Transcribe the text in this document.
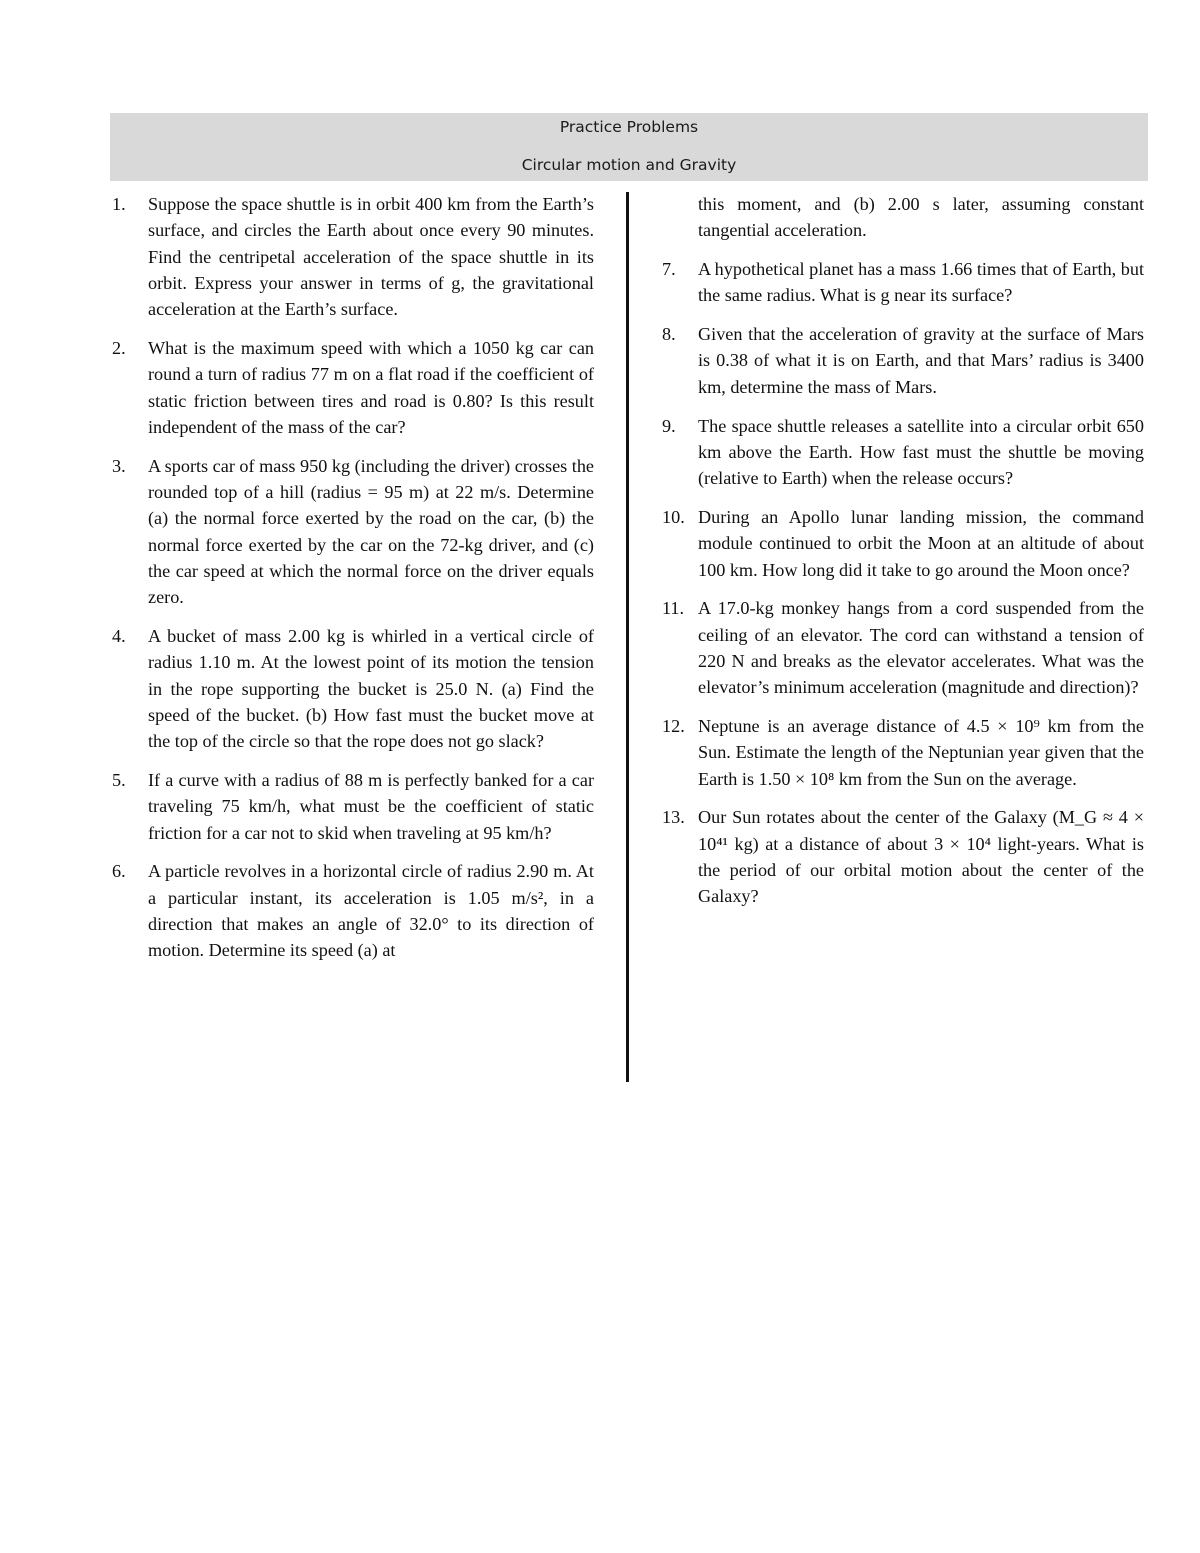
Practice Problems
Circular motion and Gravity
1. Suppose the space shuttle is in orbit 400 km from the Earth’s surface, and circles the Earth about once every 90 minutes. Find the centripetal acceleration of the space shuttle in its orbit. Express your answer in terms of g, the gravitational acceleration at the Earth’s surface.
2. What is the maximum speed with which a 1050 kg car can round a turn of radius 77 m on a flat road if the coefficient of static friction between tires and road is 0.80? Is this result independent of the mass of the car?
3. A sports car of mass 950 kg (including the driver) crosses the rounded top of a hill (radius = 95 m) at 22 m/s. Determine (a) the normal force exerted by the road on the car, (b) the normal force exerted by the car on the 72-kg driver, and (c) the car speed at which the normal force on the driver equals zero.
4. A bucket of mass 2.00 kg is whirled in a vertical circle of radius 1.10 m. At the lowest point of its motion the tension in the rope supporting the bucket is 25.0 N. (a) Find the speed of the bucket. (b) How fast must the bucket move at the top of the circle so that the rope does not go slack?
5. If a curve with a radius of 88 m is perfectly banked for a car traveling 75 km/h, what must be the coefficient of static friction for a car not to skid when traveling at 95 km/h?
6. A particle revolves in a horizontal circle of radius 2.90 m. At a particular instant, its acceleration is 1.05 m/s², in a direction that makes an angle of 32.0° to its direction of motion. Determine its speed (a) at
this moment, and (b) 2.00 s later, assuming constant tangential acceleration.
7. A hypothetical planet has a mass 1.66 times that of Earth, but the same radius. What is g near its surface?
8. Given that the acceleration of gravity at the surface of Mars is 0.38 of what it is on Earth, and that Mars’ radius is 3400 km, determine the mass of Mars.
9. The space shuttle releases a satellite into a circular orbit 650 km above the Earth. How fast must the shuttle be moving (relative to Earth) when the release occurs?
10. During an Apollo lunar landing mission, the command module continued to orbit the Moon at an altitude of about 100 km. How long did it take to go around the Moon once?
11. A 17.0-kg monkey hangs from a cord suspended from the ceiling of an elevator. The cord can withstand a tension of 220 N and breaks as the elevator accelerates. What was the elevator’s minimum acceleration (magnitude and direction)?
12. Neptune is an average distance of 4.5 × 10⁹ km from the Sun. Estimate the length of the Neptunian year given that the Earth is 1.50 × 10⁸ km from the Sun on the average.
13. Our Sun rotates about the center of the Galaxy (M_G ≈ 4 × 10⁴¹ kg) at a distance of about 3 × 10⁴ light-years. What is the period of our orbital motion about the center of the Galaxy?
